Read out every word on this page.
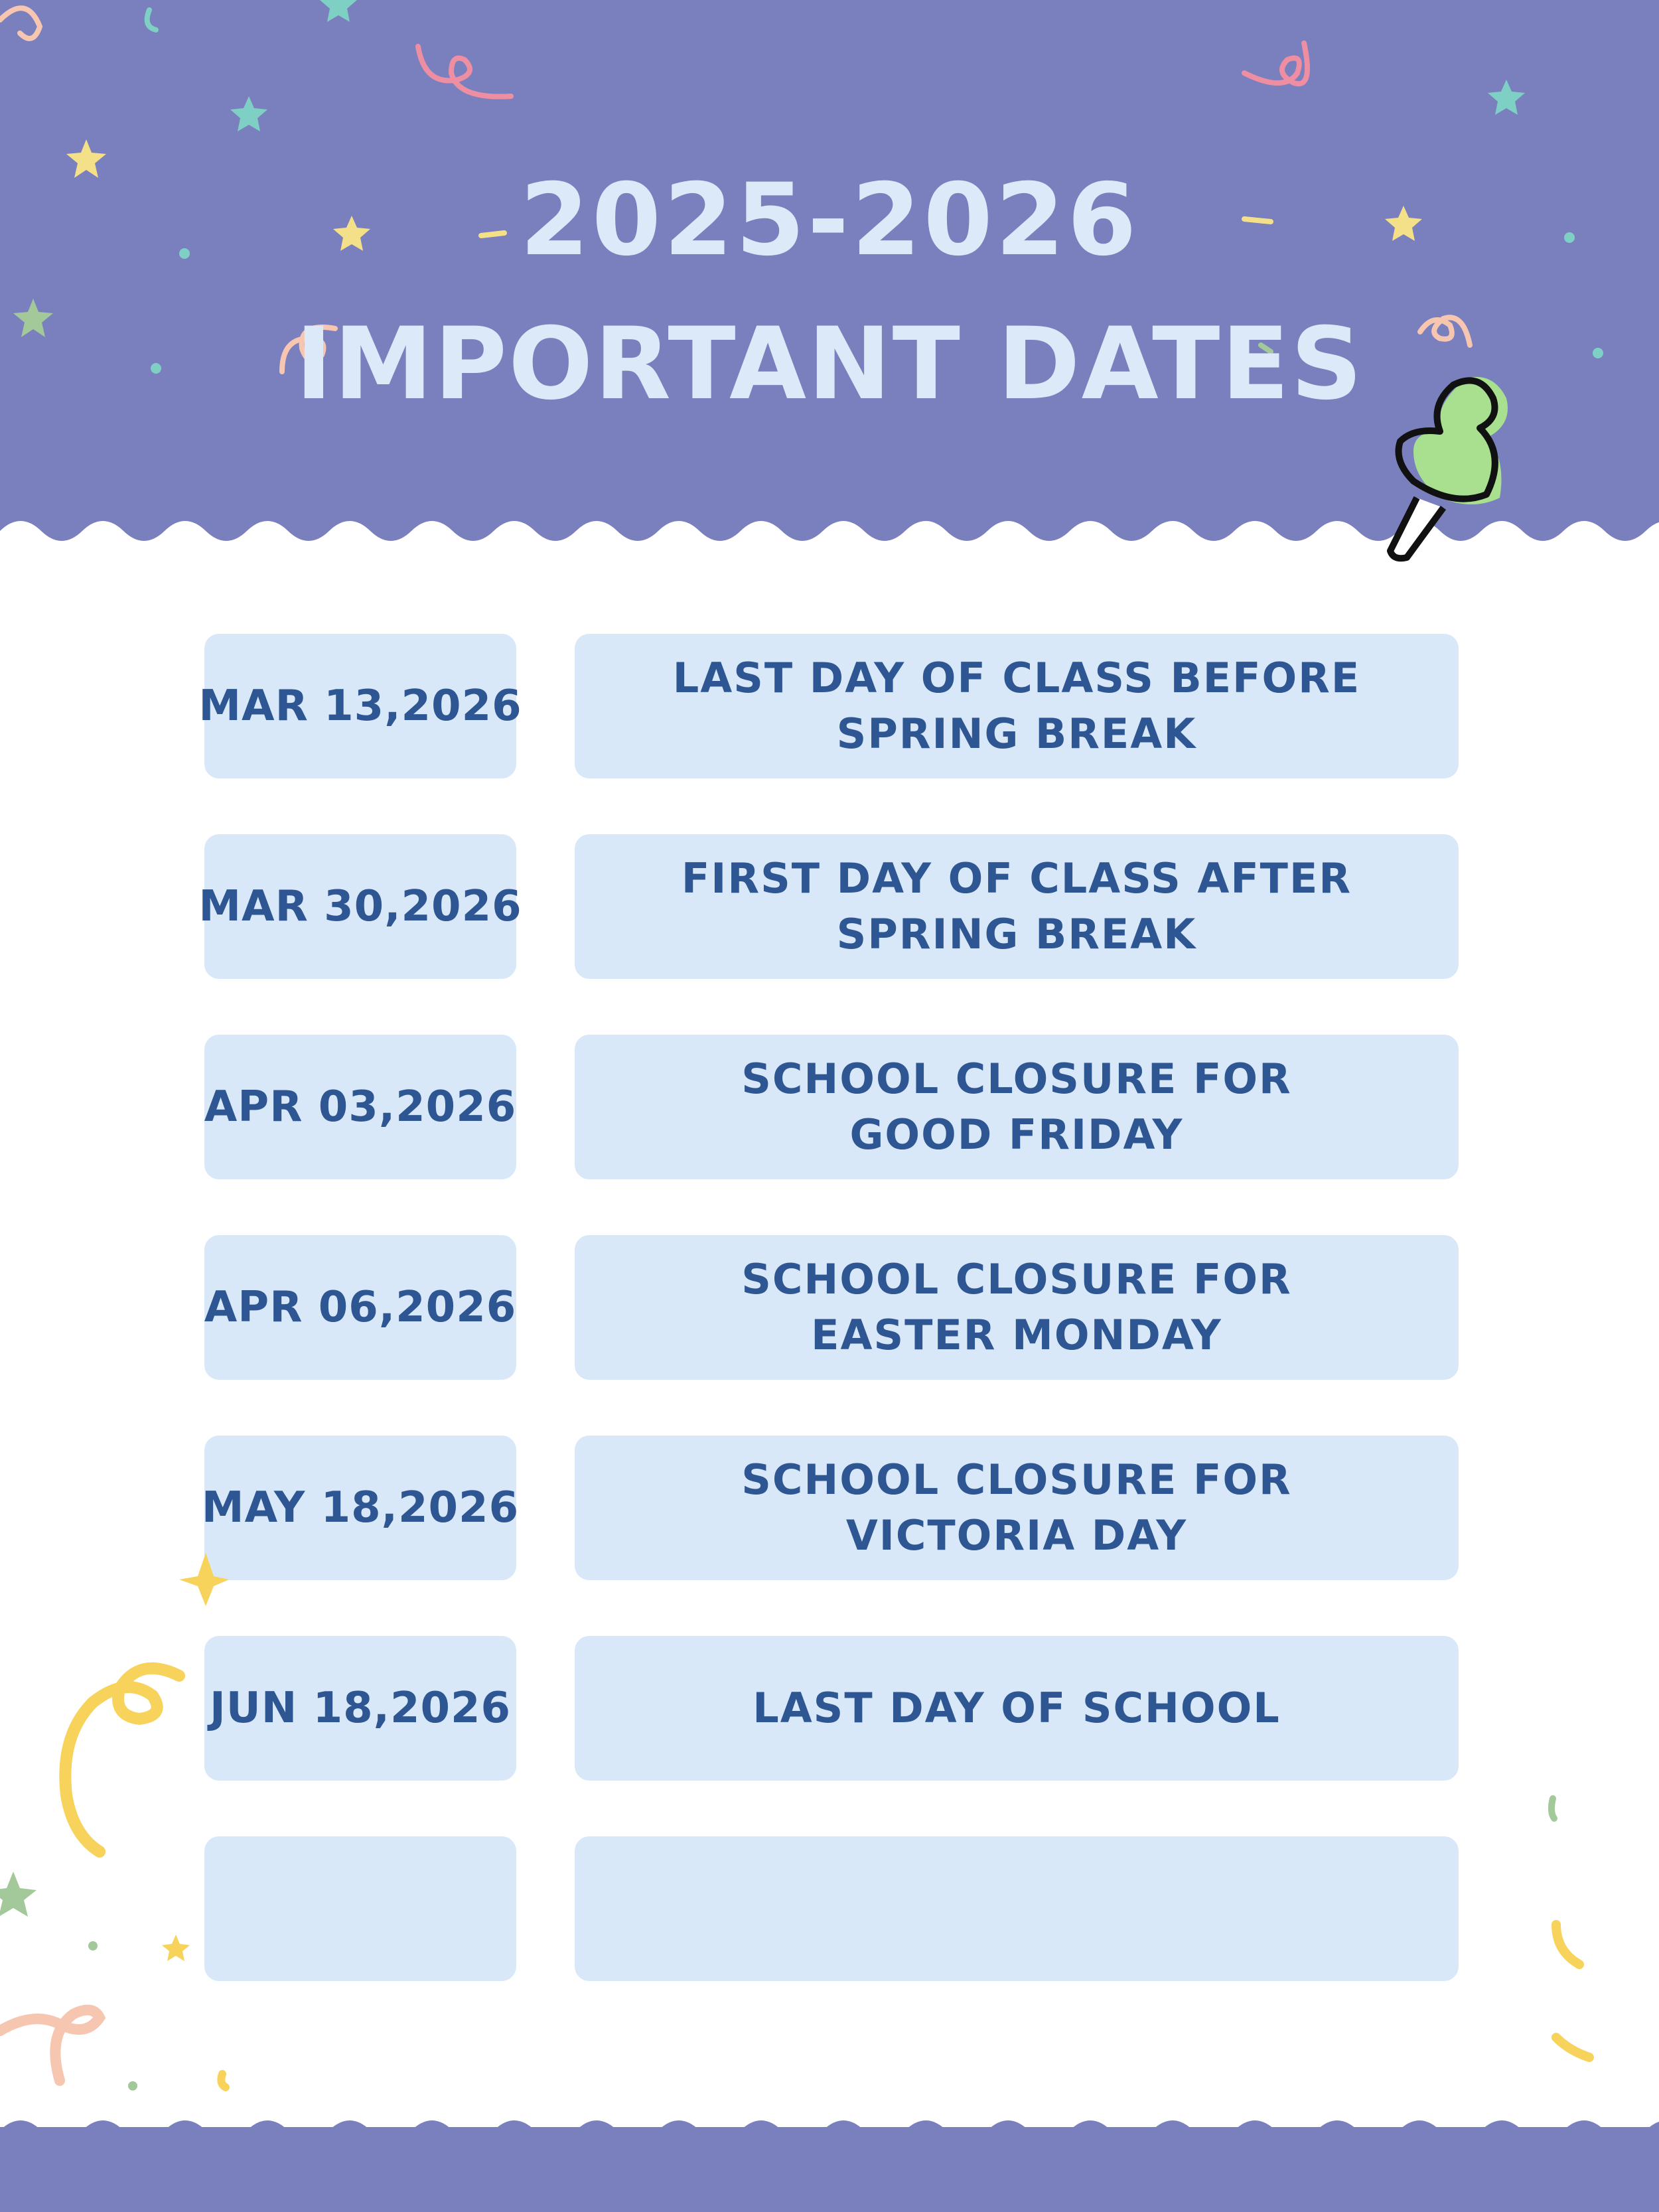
2025-2026
IMPORTANT DATES
MAR 13,2026
LAST DAY OF CLASS BEFORE
SPRING BREAK
MAR 30,2026
FIRST DAY OF CLASS AFTER
SPRING BREAK
APR 03,2026
SCHOOL CLOSURE FOR
GOOD FRIDAY
APR 06,2026
SCHOOL CLOSURE FOR
EASTER MONDAY
MAY 18,2026
SCHOOL CLOSURE FOR
VICTORIA DAY
JUN 18,2026	LAST DAY OF SCHOOL
